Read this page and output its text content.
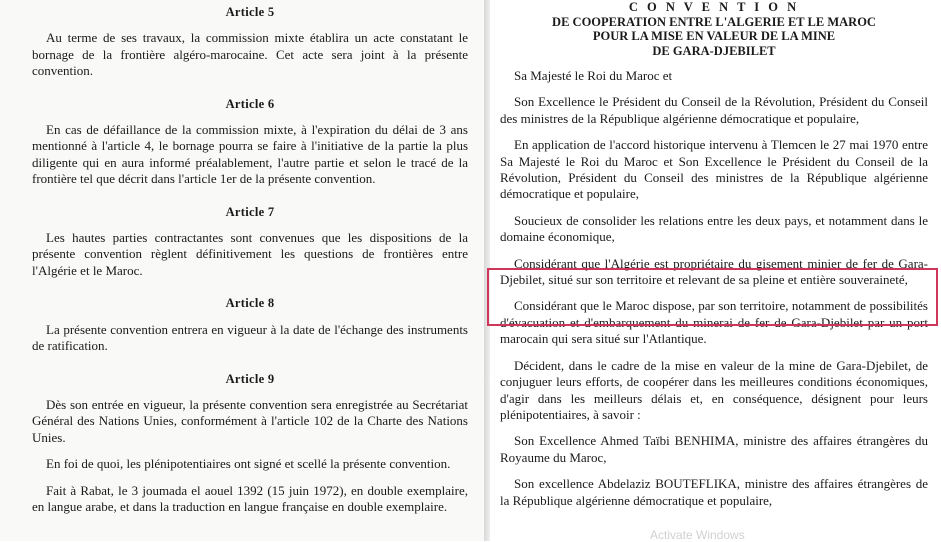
Article 5

Au terme de ses travaux, la commission mixte établira un acte constatant le bornage de la frontière algéro-marocaine. Cet acte sera joint à la présente convention.

Article 6

En cas de défaillance de la commission mixte, à l'expiration du délai de 3 ans mentionné à l'article 4, le bornage pourra se faire à l'initiative de la partie la plus diligente qui en aura informé préalablement, l'autre partie et selon le tracé de la frontière tel que décrit dans l'article 1er de la présente convention.

Article 7

Les hautes parties contractantes sont convenues que les dispositions de la présente convention règlent définitivement les questions de frontières entre l'Algérie et le Maroc.

Article 8

La présente convention entrera en vigueur à la date de l'échange des instruments de ratification.

Article 9

Dès son entrée en vigueur, la présente convention sera enregistrée au Secrétariat Général des Nations Unies, conformément à l'article 102 de la Charte des Nations Unies.

En foi de quoi, les plénipotentiaires ont signé et scellé la présente convention.

Fait à Rabat, le 3 joumada el aouel 1392 (15 juin 1972), en double exemplaire, en langue arabe, et dans la traduction en langue française en double exemplaire.

C O N V E N T I O N
DE COOPERATION ENTRE L'ALGERIE ET LE MAROC
POUR LA MISE EN VALEUR DE LA MINE
DE GARA-DJEBILET

Sa Majesté le Roi du Maroc et

Son Excellence le Président du Conseil de la Révolution, Président du Conseil des ministres de la République algérienne démocratique et populaire,

En application de l'accord historique intervenu à Tlemcen le 27 mai 1970 entre Sa Majesté le Roi du Maroc et Son Excellence le Président du Conseil de la Révolution, Président du Conseil des ministres de la République algérienne démocratique et populaire,

Soucieux de consolider les relations entre les deux pays, et notamment dans le domaine économique,

Considérant que l'Algérie est propriétaire du gisement minier de fer de Gara-Djebilet, situé sur son territoire et relevant de sa pleine et entière souveraineté,

Considérant que le Maroc dispose, par son territoire, notamment de possibilités d'évacuation et d'embarquement du minerai de fer de Gara-Djebilet par un port marocain qui sera situé sur l'Atlantique.

Décident, dans le cadre de la mise en valeur de la mine de Gara-Djebilet, de conjuguer leurs efforts, de coopérer dans les meilleures conditions économiques, d'agir dans les meilleurs délais et, en conséquence, désignent pour leurs plénipotentiaires, à savoir :

Son Excellence Ahmed Taïbi BENHIMA, ministre des affaires étrangères du Royaume du Maroc,

Son excellence Abdelaziz BOUTEFLIKA, ministre des affaires étrangères de la République algérienne démocratique et populaire,

Activate Windows
